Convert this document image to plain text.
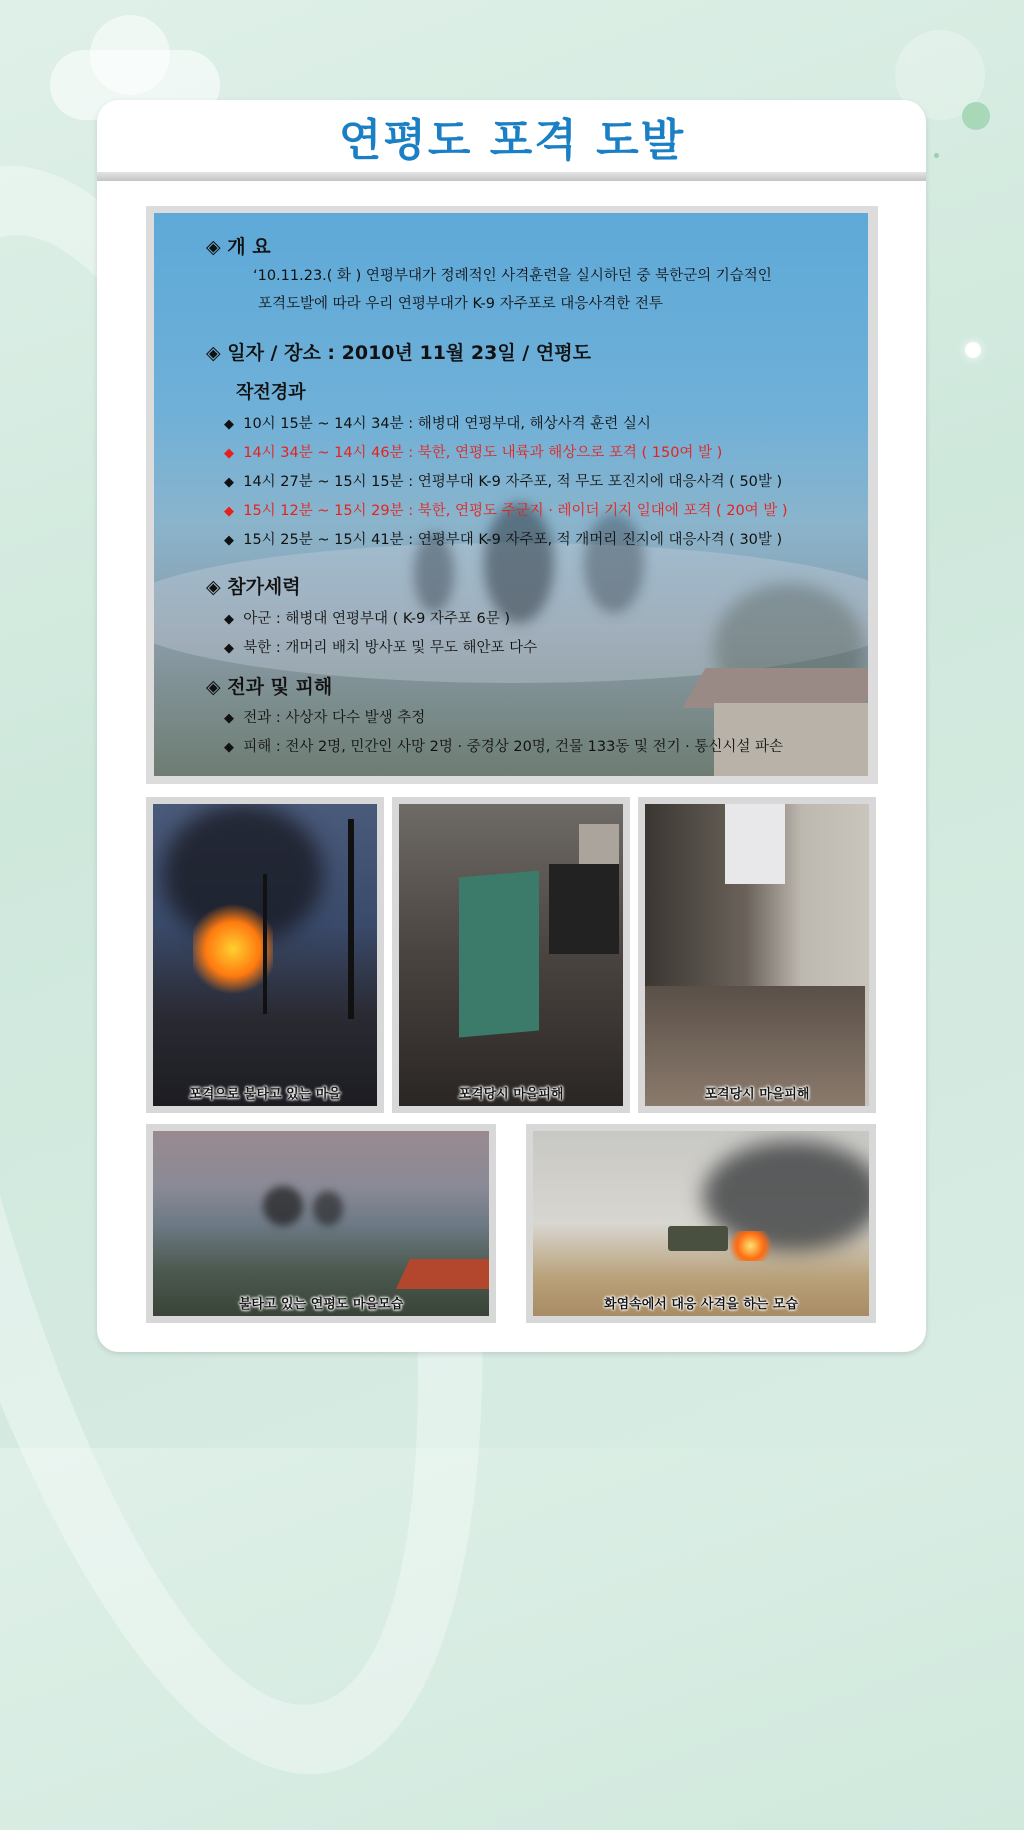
연평도 포격 도발
◈ 개 요
‘10.11.23.( 화 ) 연평부대가 정례적인 사격훈련을 실시하던 중 북한군의 기습적인
포격도발에 따라 우리 연평부대가 K-9 자주포로 대응사격한 전투
◈ 일자 / 장소 : 2010년 11월 23일 / 연평도
작전경과
◆ 10시 15분 ~ 14시 34분 : 해병대 연평부대, 해상사격 훈련 실시
◆ 14시 34분 ~ 14시 46분 : 북한, 연평도 내륙과 해상으로 포격 ( 150여 발 )
◆ 14시 27분 ~ 15시 15분 : 연평부대 K-9 자주포, 적 무도 포진지에 대응사격 ( 50발 )
◆ 15시 12분 ~ 15시 29분 : 북한, 연평도 주군지 · 레이더 기지 일대에 포격 ( 20여 발 )
◆ 15시 25분 ~ 15시 41분 : 연평부대 K-9 자주포, 적 개머리 진지에 대응사격 ( 30발 )
◈ 참가세력
◆ 아군 : 해병대 연평부대 ( K-9 자주포 6문 )
◆ 북한 : 개머리 배치 방사포 및 무도 해안포 다수
◈ 전과 및 피해
◆ 전과 : 사상자 다수 발생 추정
◆ 피해 : 전사 2명, 민간인 사망 2명 · 중경상 20명, 건물 133동 및 전기 · 통신시설 파손
포격으로 불타고 있는 마을	포격당시 마을피해	포격당시 마을피해
불타고 있는 연평도 마을모습	화염속에서 대응 사격을 하는 모습
